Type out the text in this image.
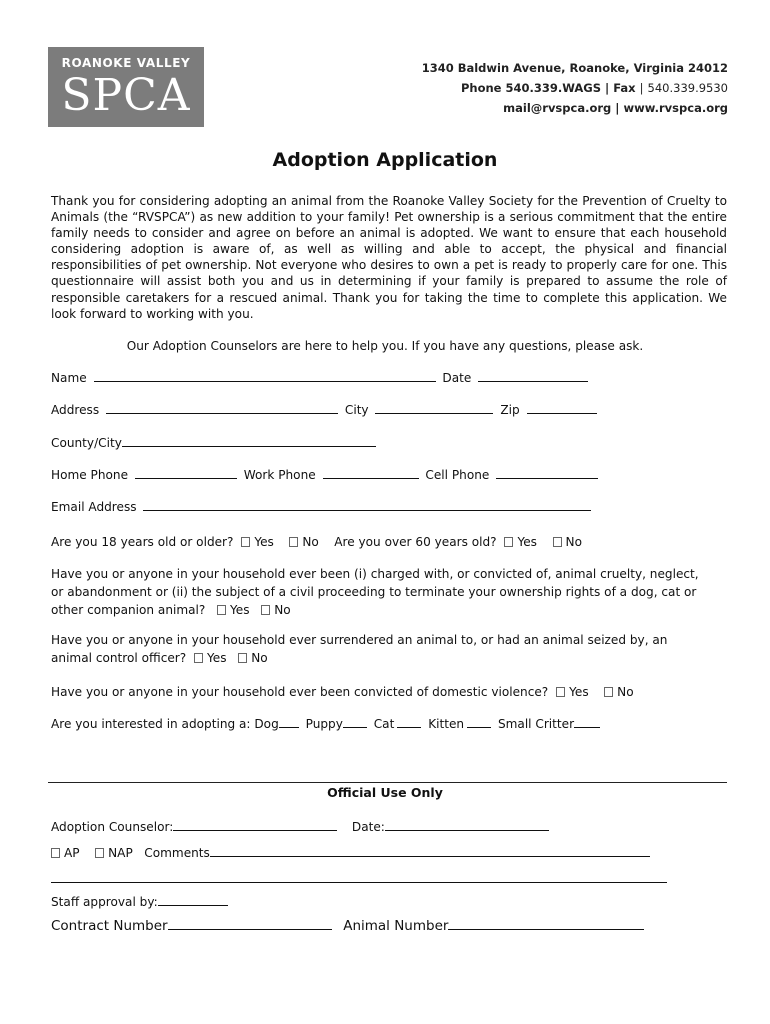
ROANOKE VALLEY
SPCA
1340 Baldwin Avenue, Roanoke, Virginia 24012
Phone 540.339.WAGS | Fax | 540.339.9530
mail@rvspca.org | www.rvspca.org
Adoption Application
Thank you for considering adopting an animal from the Roanoke Valley Society for the Prevention of Cruelty to Animals (the “RVSPCA”) as new addition to your family! Pet ownership is a serious commitment that the entire family needs to consider and agree on before an animal is adopted. We want to ensure that each household considering adoption is aware of, as well as willing and able to accept, the physical and financial responsibilities of pet ownership. Not everyone who desires to own a pet is ready to properly care for one. This questionnaire will assist both you and us in determining if your family is prepared to assume the role of responsible caretakers for a rescued animal. Thank you for taking the time to complete this application. We look forward to working with you.
Our Adoption Counselors are here to help you. If you have any questions, please ask.
Name	Date
Address	City	Zip
County/City
Home Phone	Work Phone	Cell Phone
Email Address
Are you 18 years old or older? Yes No Are you over 60 years old? Yes No
Have you or anyone in your household ever been (i) charged with, or convicted of, animal cruelty, neglect, or abandonment or (ii) the subject of a civil proceeding to terminate your ownership rights of a dog, cat or other companion animal? Yes No
Have you or anyone in your household ever surrendered an animal to, or had an animal seized by, an animal control officer? Yes No
Have you or anyone in your household ever been convicted of domestic violence? Yes No
Are you interested in adopting a: Dog Puppy	Cat	Kitten	Small Critter
Official Use Only
Adoption Counselor:	Date:
AP NAP Comments
Staff approval by:
Contract Number	Animal Number
